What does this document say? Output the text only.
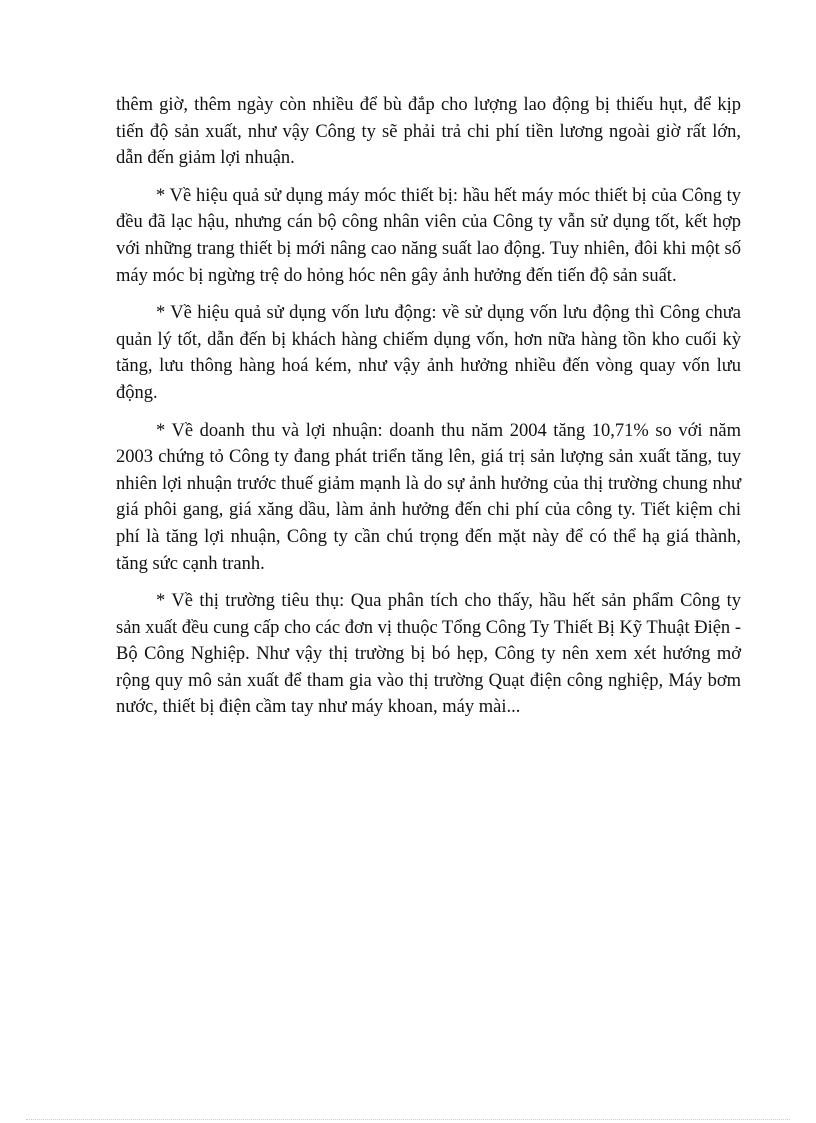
thêm giờ, thêm ngày còn nhiều để bù đắp cho lượng lao động bị thiếu hụt, để kịp tiến độ sản xuất, như vậy Công ty sẽ phải trả chi phí tiền lương ngoài giờ rất lớn, dẫn đến giảm lợi nhuận.

* Về hiệu quả sử dụng máy móc thiết bị: hầu hết máy móc thiết bị của Công ty đều đã lạc hậu, nhưng cán bộ công nhân viên của Công ty vẫn sử dụng tốt, kết hợp với những trang thiết bị mới nâng cao năng suất lao động. Tuy nhiên, đôi khi một số máy móc bị ngừng trệ do hỏng hóc nên gây ảnh hưởng đến tiến độ sản suất.

* Về hiệu quả sử dụng vốn lưu động: về sử dụng vốn lưu động thì Công chưa quản lý tốt, dẫn đến bị khách hàng chiếm dụng vốn, hơn nữa hàng tồn kho cuối kỳ tăng, lưu thông hàng hoá kém, như vậy ảnh hưởng nhiều đến vòng quay vốn lưu động.

* Về doanh thu và lợi nhuận: doanh thu năm 2004 tăng 10,71% so với năm 2003 chứng tỏ Công ty đang phát triển tăng lên, giá trị sản lượng sản xuất tăng, tuy nhiên lợi nhuận trước thuế giảm mạnh là do sự ảnh hưởng của thị trường chung như giá phôi gang, giá xăng dầu, làm ảnh hưởng đến chi phí của công ty. Tiết kiệm chi phí là tăng lợi nhuận, Công ty cần chú trọng đến mặt này để có thể hạ giá thành, tăng sức cạnh tranh.

* Về thị trường tiêu thụ: Qua phân tích cho thấy, hầu hết sản phẩm Công ty sản xuất đều cung cấp cho các đơn vị thuộc Tổng Công Ty Thiết Bị Kỹ Thuật Điện - Bộ Công Nghiệp. Như vậy thị trường bị bó hẹp, Công ty nên xem xét hướng mở rộng quy mô sản xuất để tham gia vào thị trường Quạt điện công nghiệp, Máy bơm nước, thiết bị điện cầm tay như máy khoan, máy mài...
